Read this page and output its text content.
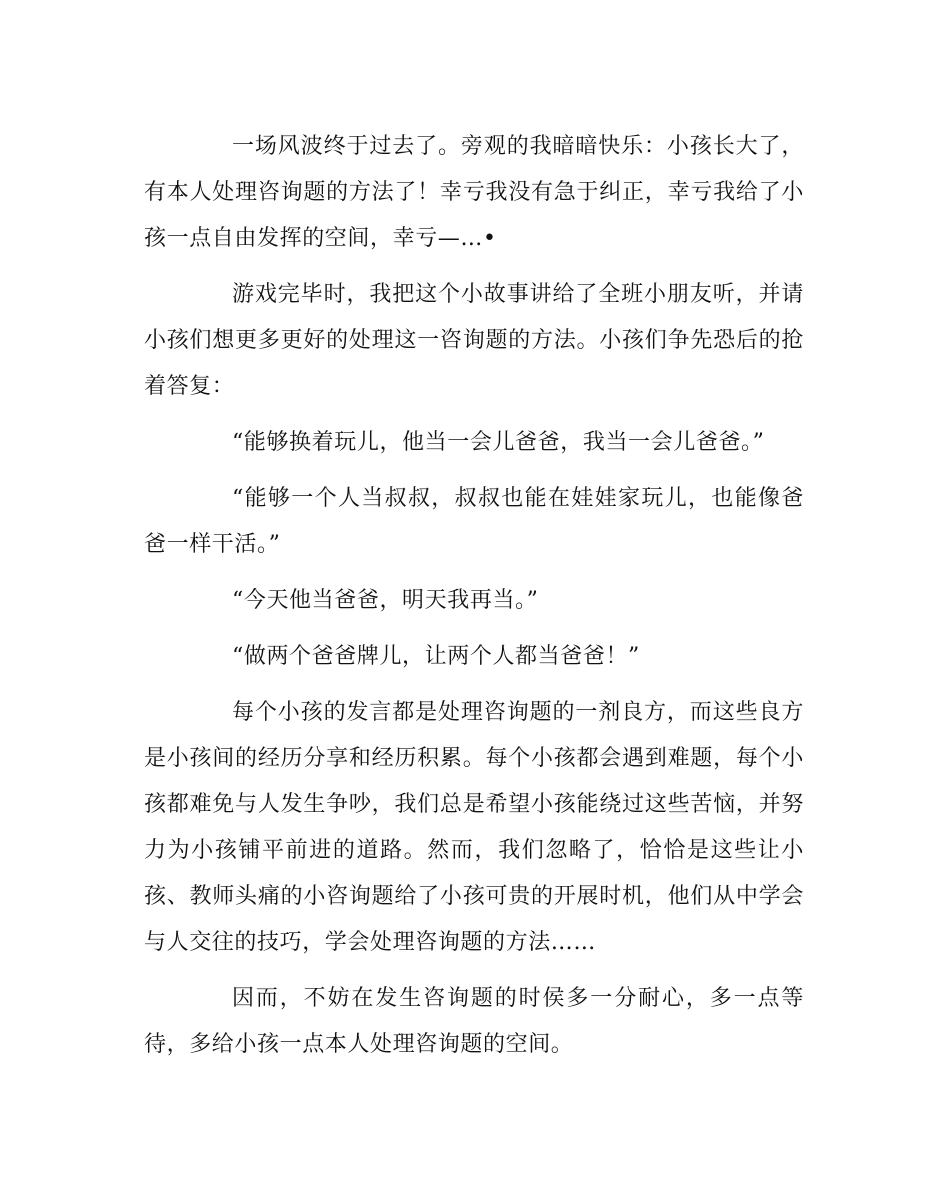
一场风波终于过去了。旁观的我暗暗快乐：小孩长大了，有本人处理咨询题的方法了！幸亏我没有急于纠正，幸亏我给了小孩一点自由发挥的空间，幸亏—…•

游戏完毕时，我把这个小故事讲给了全班小朋友听，并请小孩们想更多更好的处理这一咨询题的方法。小孩们争先恐后的抢着答复：

“能够换着玩儿，他当一会儿爸爸，我当一会儿爸爸。”

“能够一个人当叔叔，叔叔也能在娃娃家玩儿，也能像爸爸一样干活。”

“今天他当爸爸，明天我再当。”

“做两个爸爸牌儿，让两个人都当爸爸！”

每个小孩的发言都是处理咨询题的一剂良方，而这些良方是小孩间的经历分享和经历积累。每个小孩都会遇到难题，每个小孩都难免与人发生争吵，我们总是希望小孩能绕过这些苦恼，并努力为小孩铺平前进的道路。然而，我们忽略了，恰恰是这些让小孩、教师头痛的小咨询题给了小孩可贵的开展时机，他们从中学会与人交往的技巧，学会处理咨询题的方法……

因而，不妨在发生咨询题的时侯多一分耐心，多一点等待，多给小孩一点本人处理咨询题的空间。
